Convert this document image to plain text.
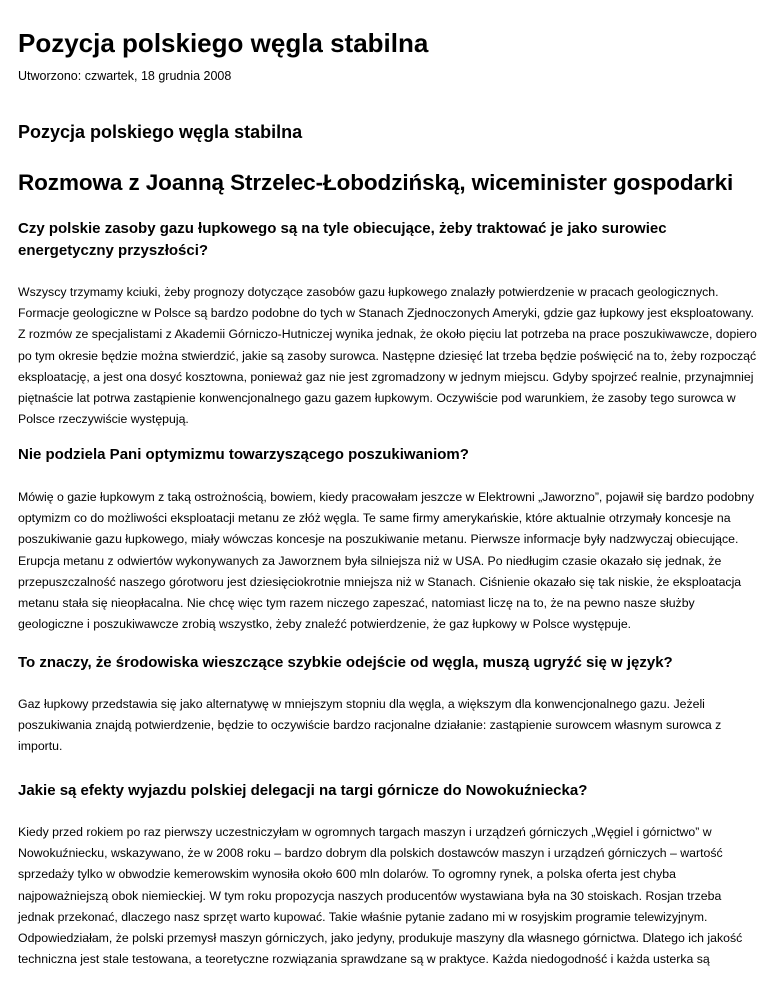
Pozycja polskiego węgla stabilna

Utworzono: czwartek, 18 grudnia 2008

Pozycja polskiego węgla stabilna
Rozmowa z Joanną Strzelec-Łobodzińską, wiceminister gospodarki
Czy polskie zasoby gazu łupkowego są na tyle obiecujące, żeby traktować je jako surowiec energetyczny przyszłości?

Wszyscy trzymamy kciuki, żeby prognozy dotyczące zasobów gazu łupkowego znalazły potwierdzenie w pracach geologicznych. Formacje geologiczne w Polsce są bardzo podobne do tych w Stanach Zjednoczonych Ameryki, gdzie gaz łupkowy jest eksploatowany. Z rozmów ze specjalistami z Akademii Górniczo-Hutniczej wynika jednak, że około pięciu lat potrzeba na prace poszukiwawcze, dopiero po tym okresie będzie można stwierdzić, jakie są zasoby surowca. Następne dziesięć lat trzeba będzie poświęcić na to, żeby rozpocząć eksploatację, a jest ona dosyć kosztowna, ponieważ gaz nie jest zgromadzony w jednym miejscu. Gdyby spojrzeć realnie, przynajmniej piętnaście lat potrwa zastąpienie konwencjonalnego gazu gazem łupkowym. Oczywiście pod warunkiem, że zasoby tego surowca w Polsce rzeczywiście występują.

Nie podziela Pani optymizmu towarzyszącego poszukiwaniom?

Mówię o gazie łupkowym z taką ostrożnością, bowiem, kiedy pracowałam jeszcze w Elektrowni „Jaworzno”, pojawił się bardzo podobny optymizm co do możliwości eksploatacji metanu ze złóż węgla. Te same firmy amerykańskie, które aktualnie otrzymały koncesje na poszukiwanie gazu łupkowego, miały wówczas koncesje na poszukiwanie metanu. Pierwsze informacje były nadzwyczaj obiecujące. Erupcja metanu z odwiertów wykonywanych za Jaworznem była silniejsza niż w USA. Po niedługim czasie okazało się jednak, że przepuszczalność naszego górotworu jest dziesięciokrotnie mniejsza niż w Stanach. Ciśnienie okazało się tak niskie, że eksploatacja metanu stała się nieopłacalna. Nie chcę więc tym razem niczego zapeszać, natomiast liczę na to, że na pewno nasze służby geologiczne i poszukiwawcze zrobią wszystko, żeby znaleźć potwierdzenie, że gaz łupkowy w Polsce występuje.

To znaczy, że środowiska wieszczące szybkie odejście od węgla, muszą ugryźć się w język?

Gaz łupkowy przedstawia się jako alternatywę w mniejszym stopniu dla węgla, a większym dla konwencjonalnego gazu. Jeżeli poszukiwania znajdą potwierdzenie, będzie to oczywiście bardzo racjonalne działanie: zastąpienie surowcem własnym surowca z importu.

Jakie są efekty wyjazdu polskiej delegacji na targi górnicze do Nowokuźniecka?

Kiedy przed rokiem po raz pierwszy uczestniczyłam w ogromnych targach maszyn i urządzeń górniczych „Węgiel i górnictwo” w Nowokuźniecku, wskazywano, że w 2008 roku – bardzo dobrym dla polskich dostawców maszyn i urządzeń górniczych – wartość sprzedaży tylko w obwodzie kemerowskim wynosiła około 600 mln dolarów. To ogromny rynek, a polska oferta jest chyba najpoważniejszą obok niemieckiej. W tym roku propozycja naszych producentów wystawiana była na 30 stoiskach. Rosjan trzeba jednak przekonać, dlaczego nasz sprzęt warto kupować. Takie właśnie pytanie zadano mi w rosyjskim programie telewizyjnym. Odpowiedziałam, że polski przemysł maszyn górniczych, jako jedyny, produkuje maszyny dla własnego górnictwa. Dlatego ich jakość techniczna jest stale testowana, a teoretyczne rozwiązania sprawdzane są w praktyce. Każda niedogodność i każda usterka są
